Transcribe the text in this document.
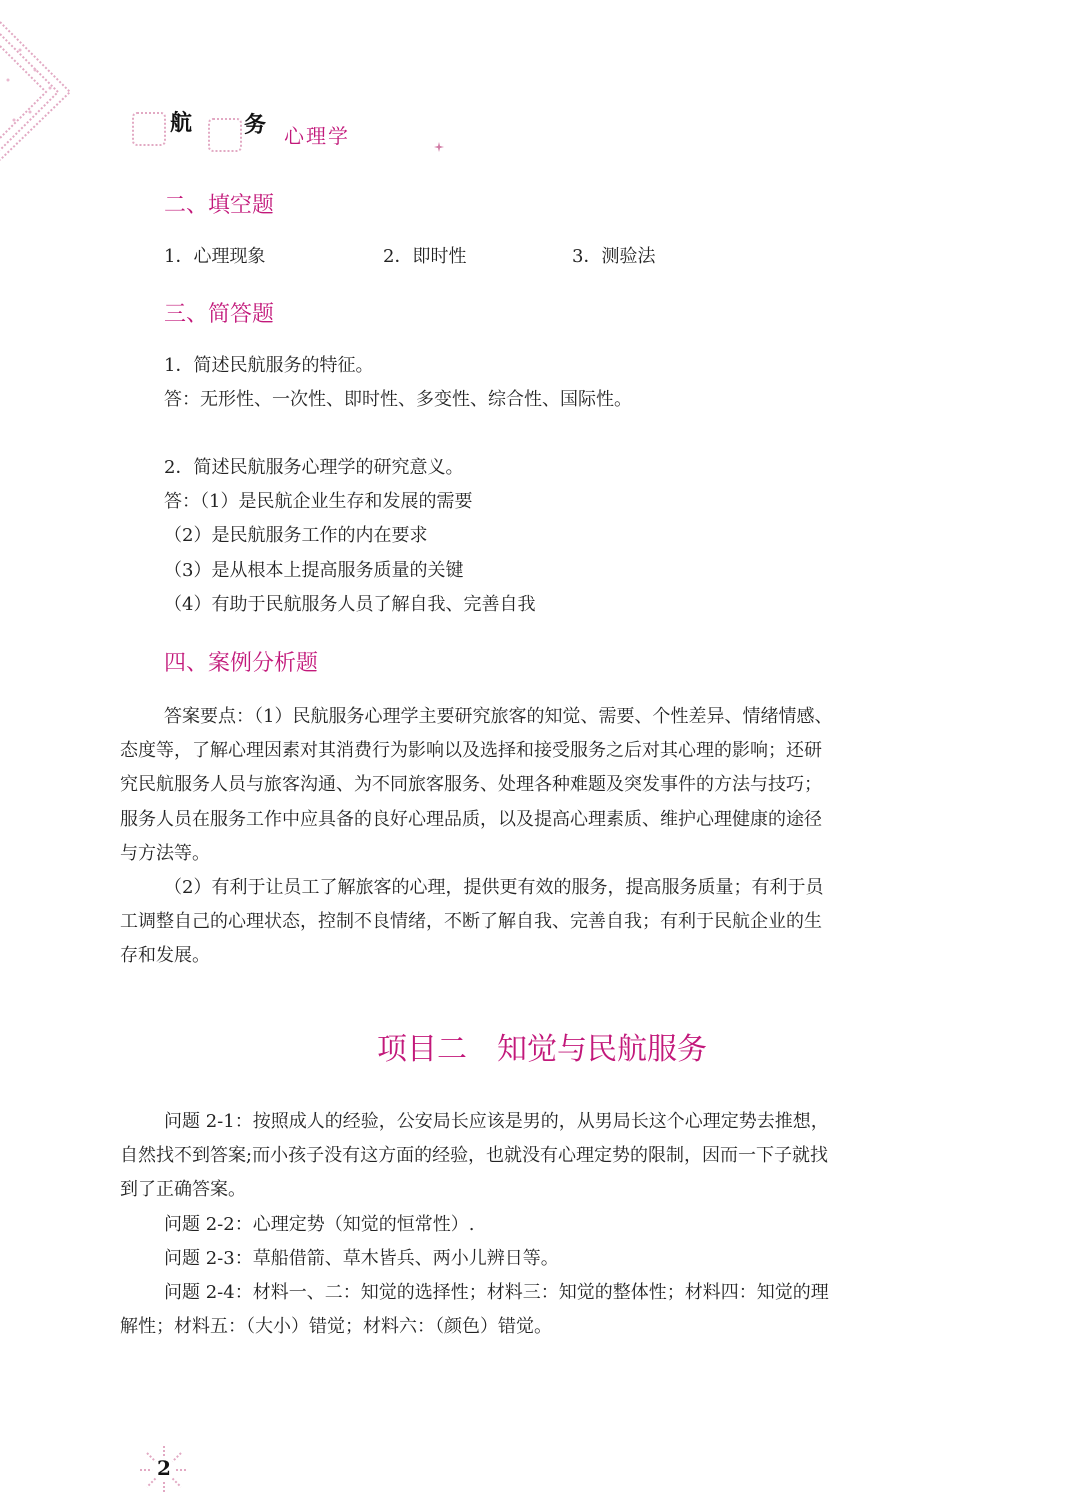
航 务 心理学
二、填空题
1．心理现象	2．即时性	3．测验法
三、简答题
1．简述民航服务的特征。
答：无形性、一次性、即时性、多变性、综合性、国际性。
2．简述民航服务心理学的研究意义。
答：（1）是民航企业生存和发展的需要
（2）是民航服务工作的内在要求
（3）是从根本上提高服务质量的关键
（4）有助于民航服务人员了解自我、完善自我
四、案例分析题
答案要点：（1）民航服务心理学主要研究旅客的知觉、需要、个性差异、情绪情感、
态度等，了解心理因素对其消费行为影响以及选择和接受服务之后对其心理的影响；还研
究民航服务人员与旅客沟通、为不同旅客服务、处理各种难题及突发事件的方法与技巧；
服务人员在服务工作中应具备的良好心理品质，以及提高心理素质、维护心理健康的途径
与方法等。
（2）有利于让员工了解旅客的心理，提供更有效的服务，提高服务质量；有利于员
工调整自己的心理状态，控制不良情绪，不断了解自我、完善自我；有利于民航企业的生
存和发展。
项目二　知觉与民航服务
问题 2-1：按照成人的经验，公安局长应该是男的，从男局长这个心理定势去推想，
自然找不到答案;而小孩子没有这方面的经验，也就没有心理定势的限制，因而一下子就找
到了正确答案。
问题 2-2：心理定势（知觉的恒常性）.
问题 2-3：草船借箭、草木皆兵、两小儿辨日等。
问题 2-4：材料一、二：知觉的选择性；材料三：知觉的整体性；材料四：知觉的理
解性；材料五：（大小）错觉；材料六：（颜色）错觉。
2
